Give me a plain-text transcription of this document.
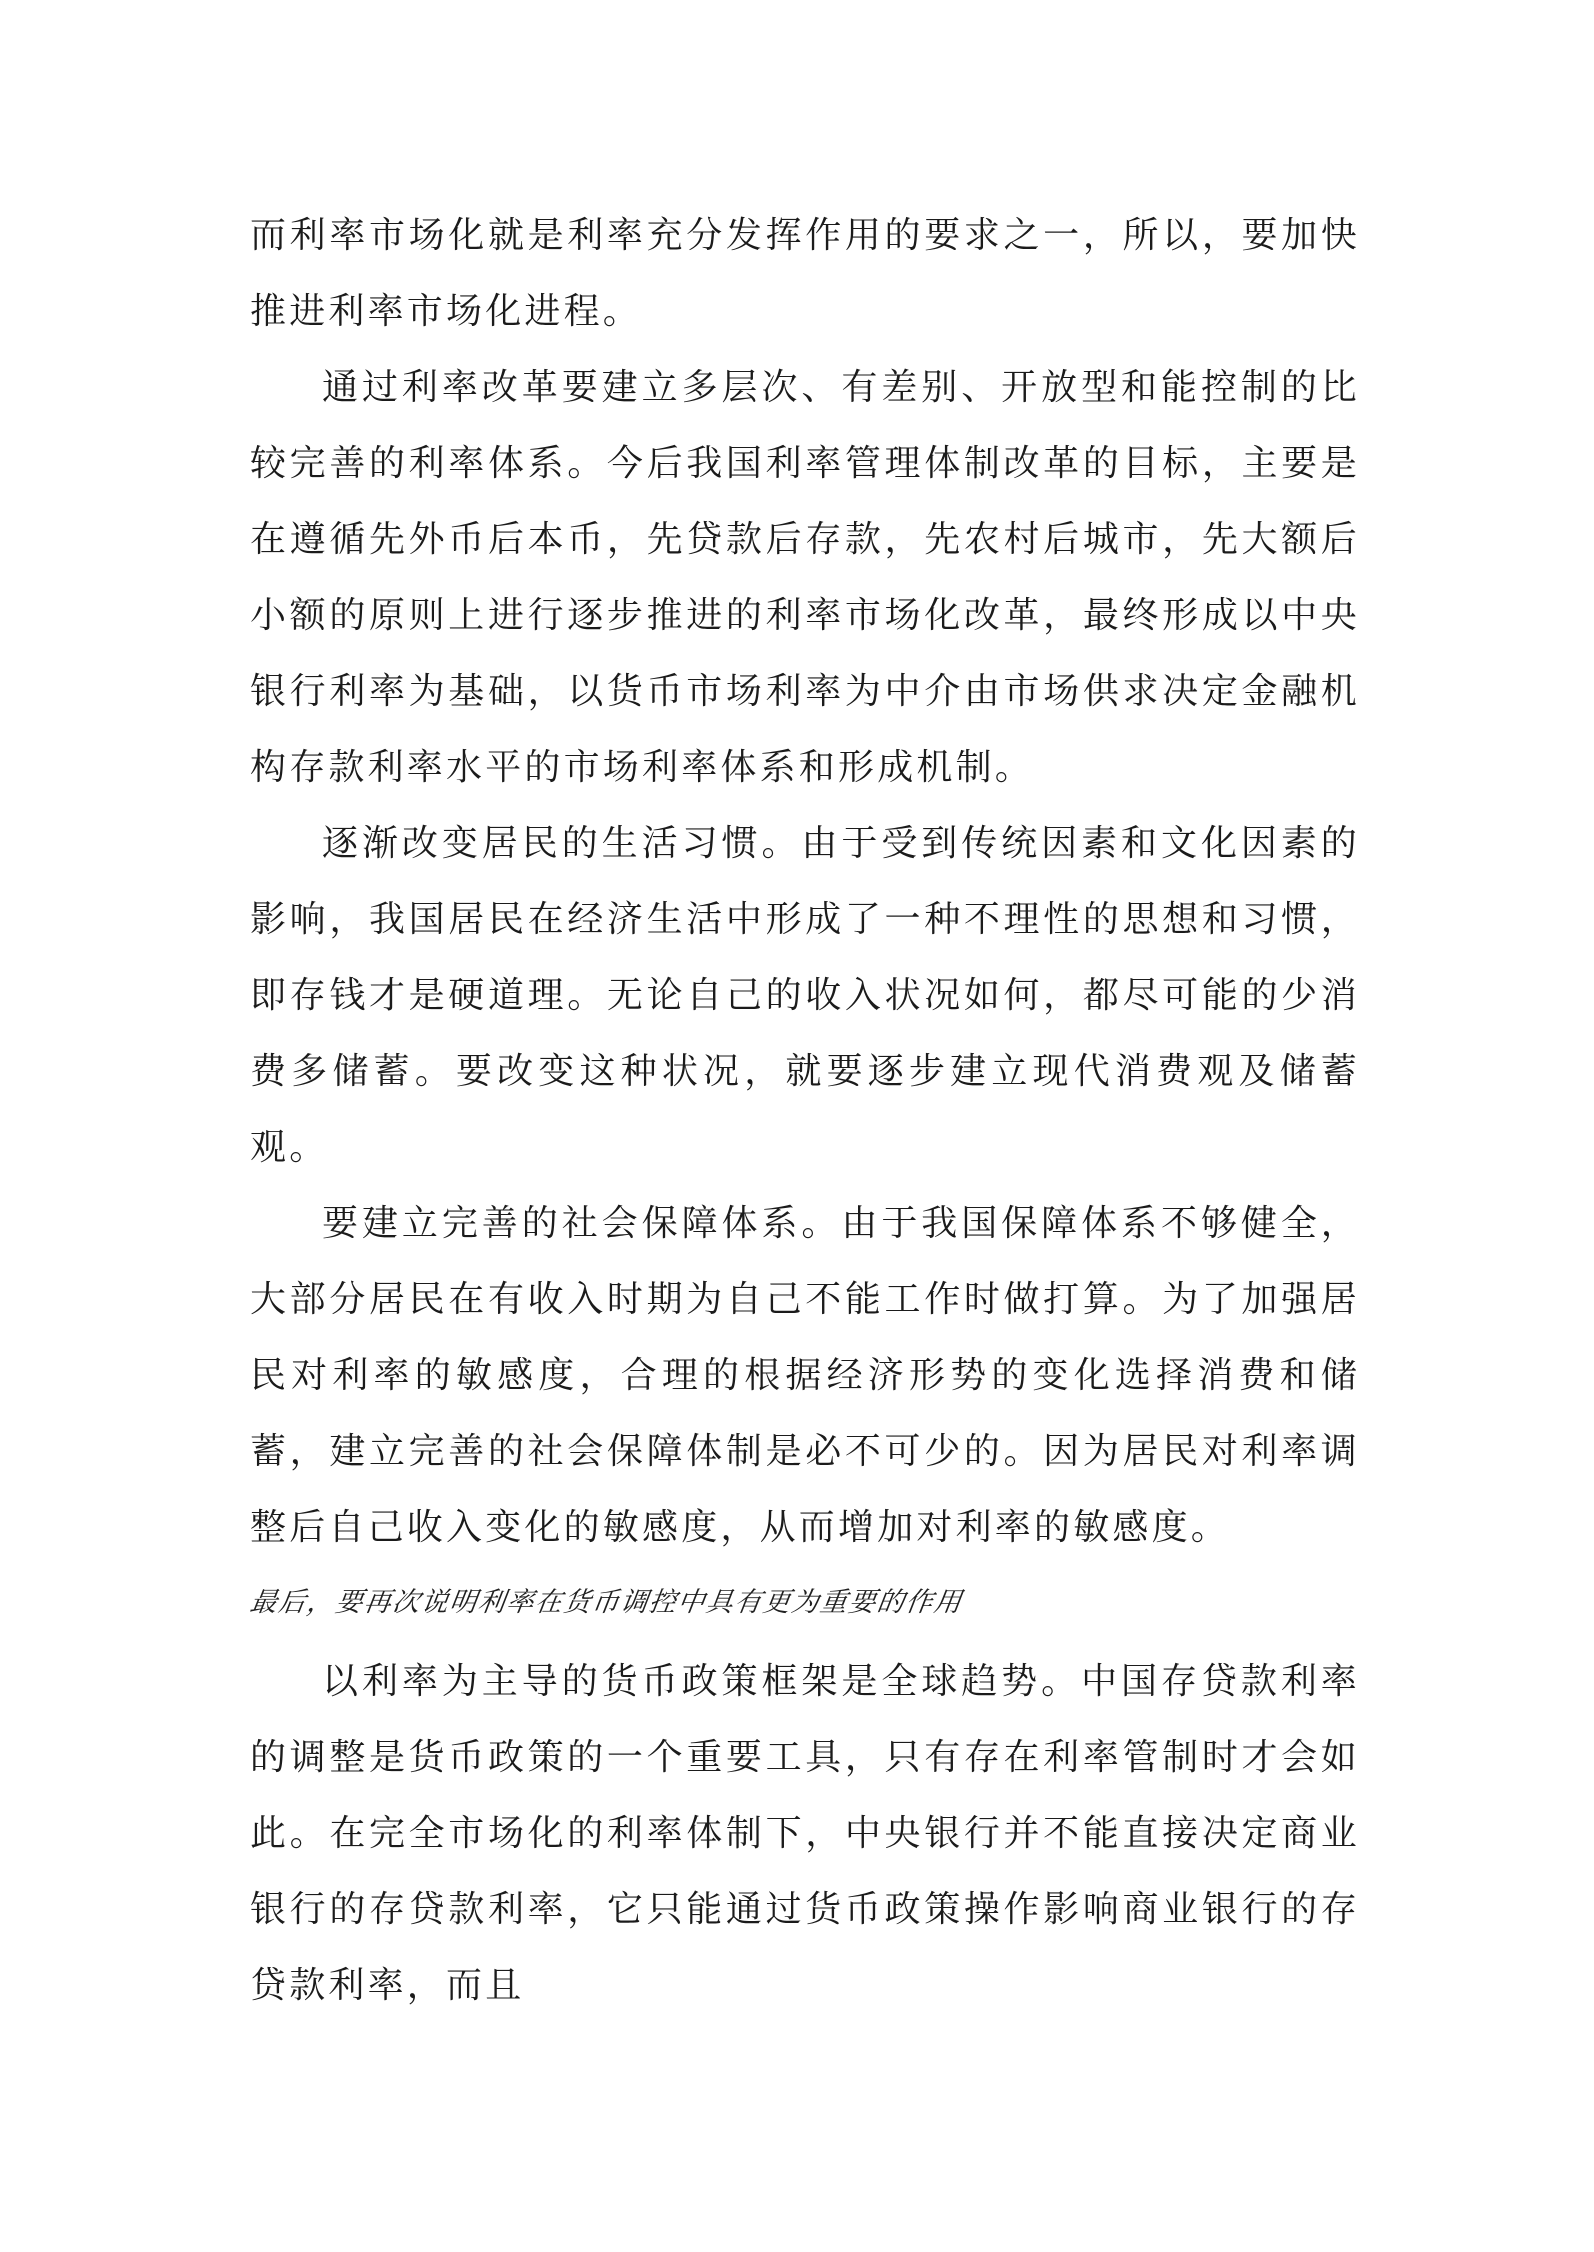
而利率市场化就是利率充分发挥作用的要求之一，所以，要加快推进利率市场化进程。

通过利率改革要建立多层次、有差别、开放型和能控制的比较完善的利率体系。今后我国利率管理体制改革的目标，主要是在遵循先外币后本币，先贷款后存款，先农村后城市，先大额后小额的原则上进行逐步推进的利率市场化改革，最终形成以中央银行利率为基础，以货币市场利率为中介由市场供求决定金融机构存款利率水平的市场利率体系和形成机制。

逐渐改变居民的生活习惯。由于受到传统因素和文化因素的影响，我国居民在经济生活中形成了一种不理性的思想和习惯，即存钱才是硬道理。无论自己的收入状况如何，都尽可能的少消费多储蓄。要改变这种状况，就要逐步建立现代消费观及储蓄观。

要建立完善的社会保障体系。由于我国保障体系不够健全，大部分居民在有收入时期为自己不能工作时做打算。为了加强居民对利率的敏感度，合理的根据经济形势的变化选择消费和储蓄，建立完善的社会保障体制是必不可少的。因为居民对利率调整后自己收入变化的敏感度，从而增加对利率的敏感度。

最后，要再次说明利率在货币调控中具有更为重要的作用

以利率为主导的货币政策框架是全球趋势。中国存贷款利率的调整是货币政策的一个重要工具，只有存在利率管制时才会如此。在完全市场化的利率体制下，中央银行并不能直接决定商业银行的存贷款利率，它只能通过货币政策操作影响商业银行的存贷款利率，而且
